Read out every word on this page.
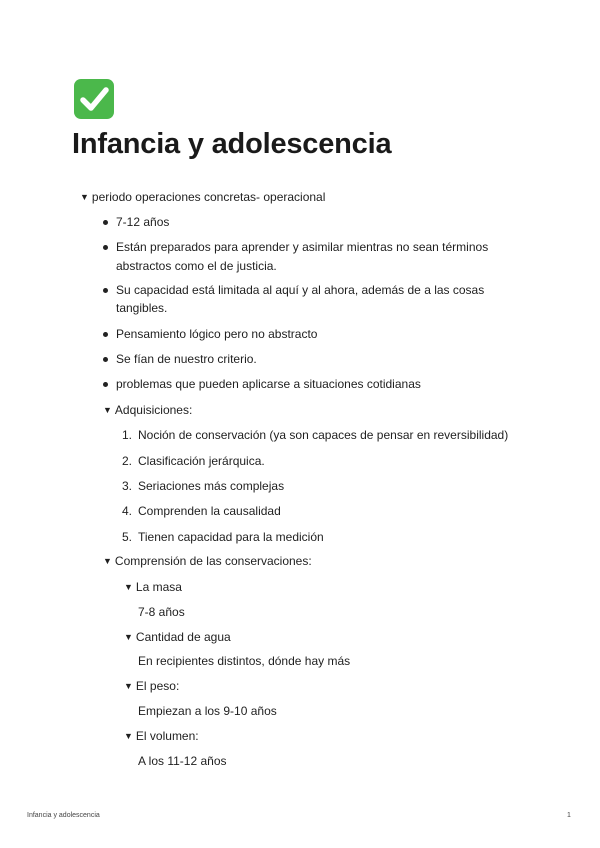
Infancia y adolescencia
▼ periodo operaciones concretas- operacional
7-12 años
Están preparados para aprender y asimilar mientras no sean términos
abstractos como el de justicia.
Su capacidad está limitada al aquí y al ahora, además de a las cosas
tangibles.
Pensamiento lógico pero no abstracto
Se fían de nuestro criterio.
problemas que pueden aplicarse a situaciones cotidianas
▼ Adquisiciones:
1. Noción de conservación (ya son capaces de pensar en reversibilidad)
2. Clasificación jerárquica.
3. Seriaciones más complejas
4. Comprenden la causalidad
5. Tienen capacidad para la medición
▼ Comprensión de las conservaciones:
▼ La masa
7-8 años
▼ Cantidad de agua
En recipientes distintos, dónde hay más
▼ El peso:
Empiezan a los 9-10 años
▼ El volumen:
A los 11-12 años
Infancia y adolescencia	1
